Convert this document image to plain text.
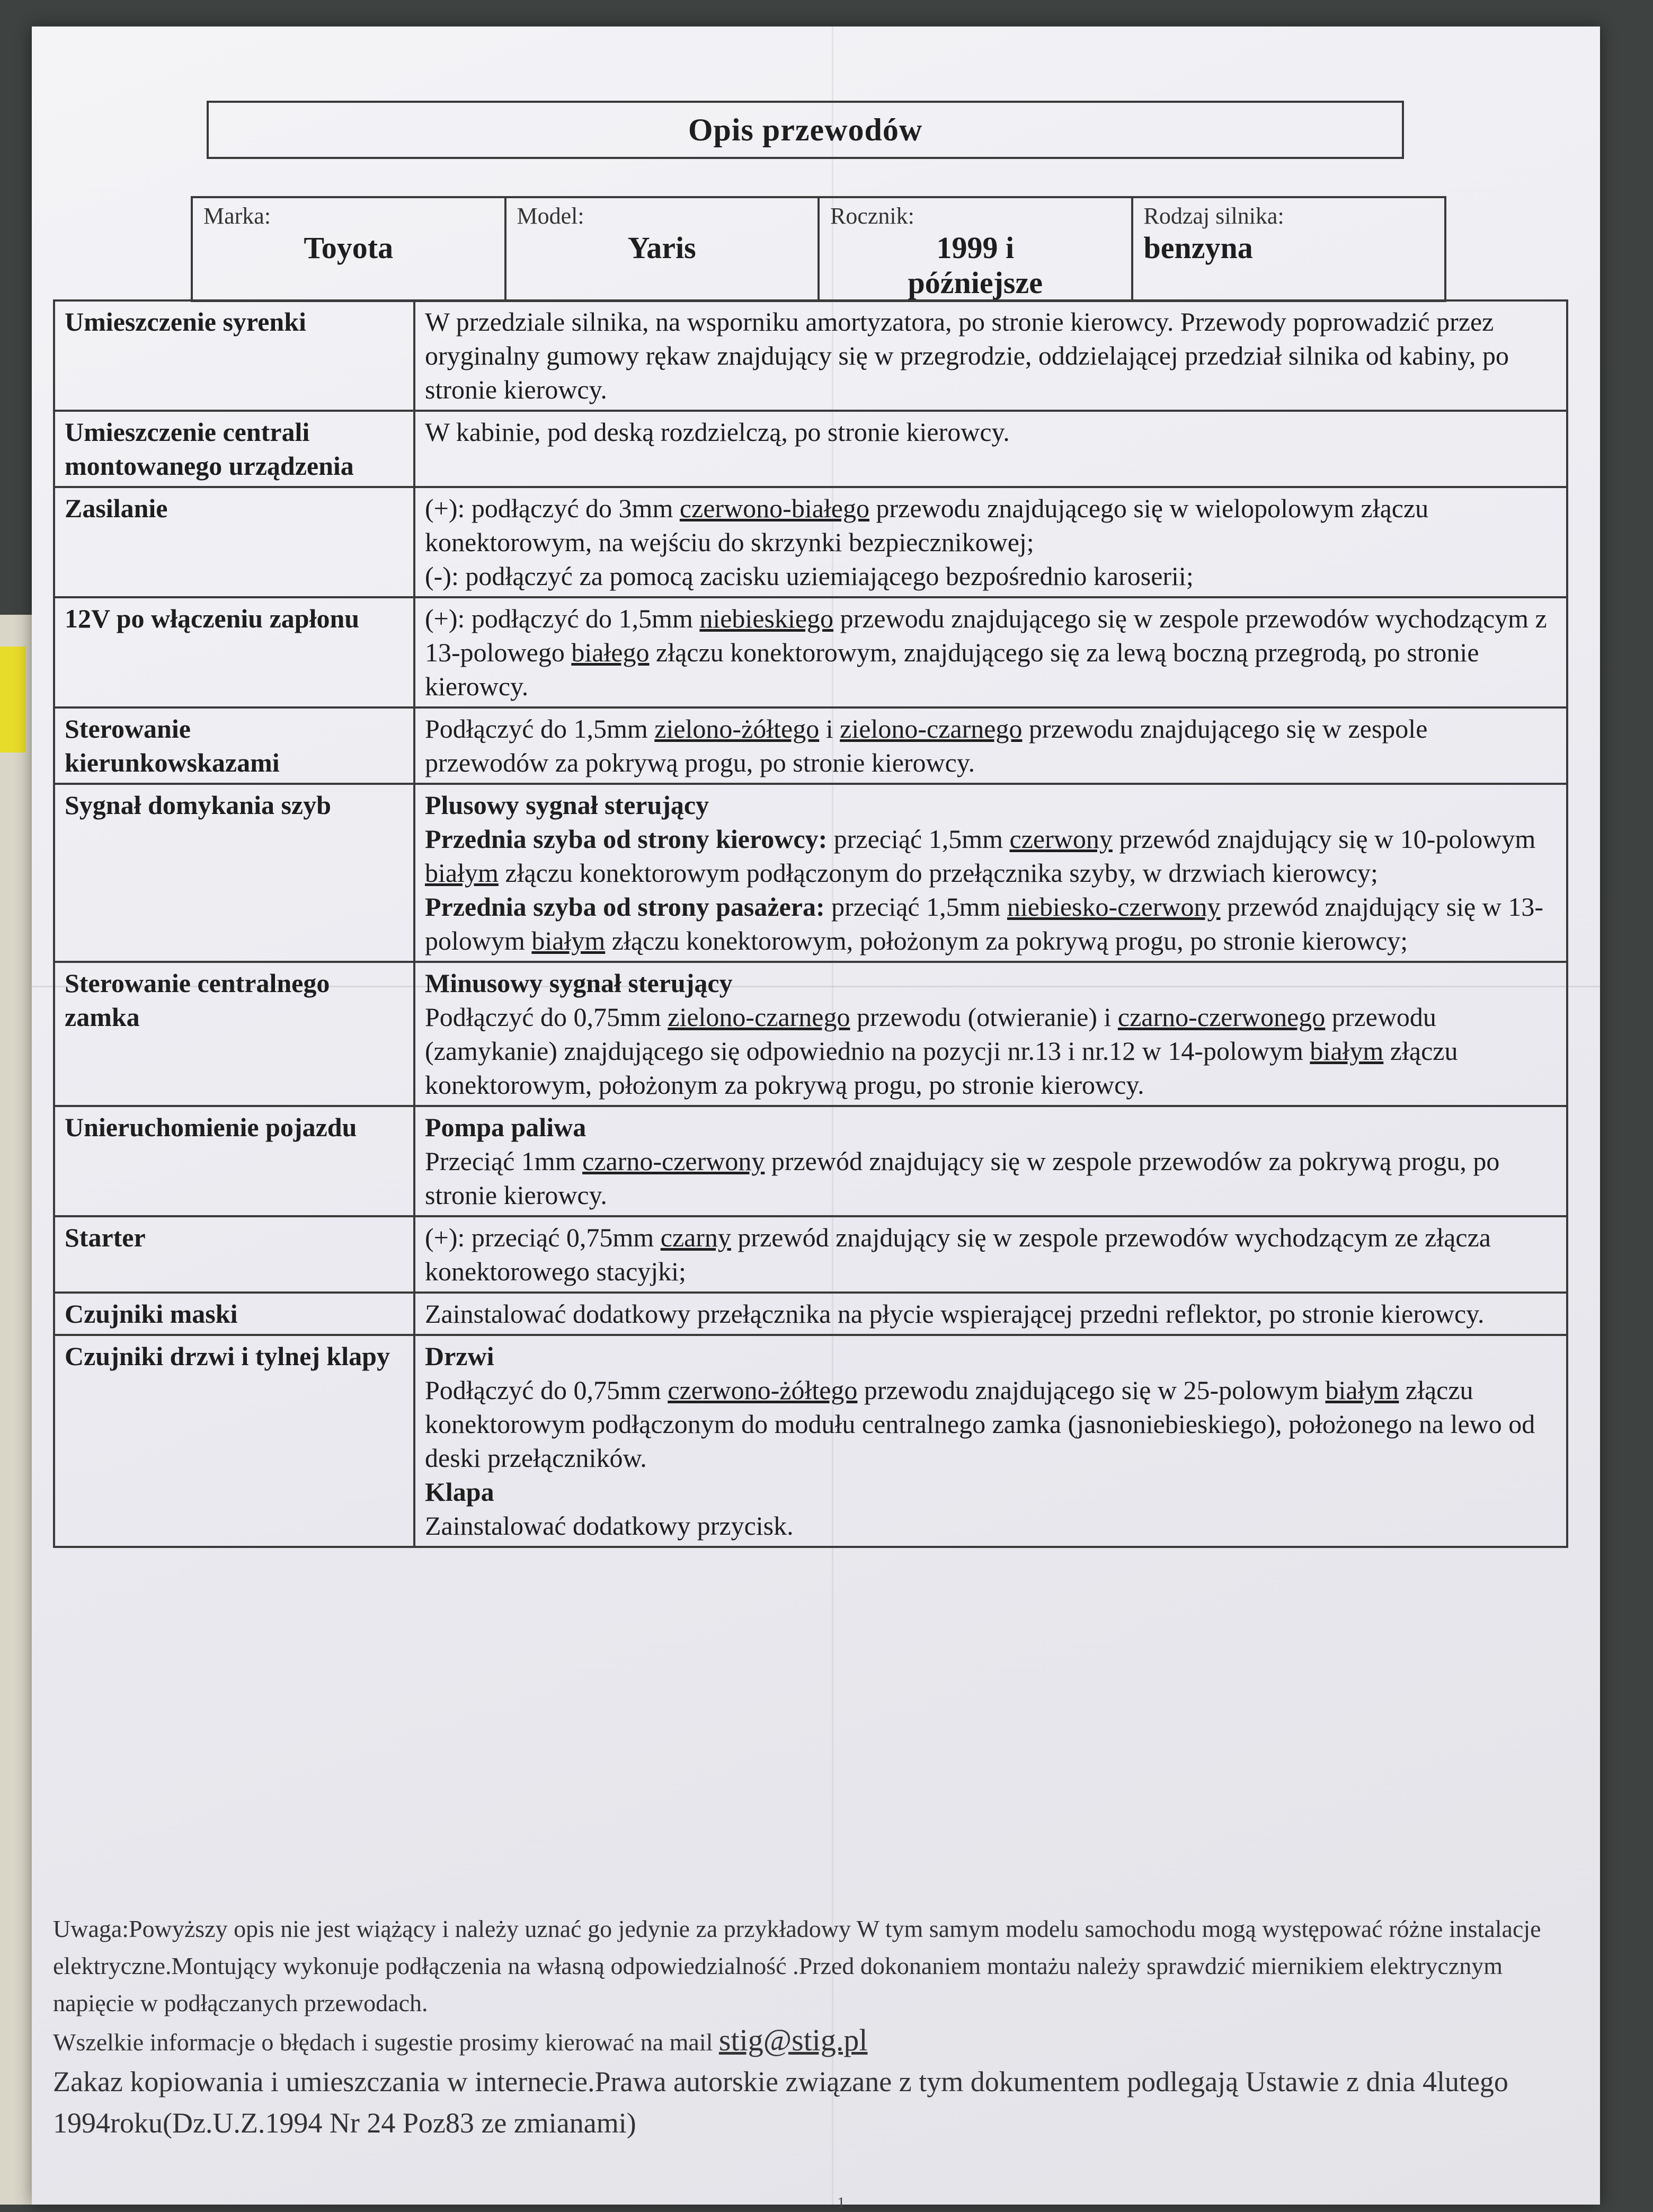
Opis przewodów
Marka:
Toyota
Model:
Yaris
Rocznik:
1999 i
późniejsze
Rodzaj silnika:
benzyna
Umieszczenie syrenki	W przedziale silnika, na wsporniku amortyzatora, po stronie kierowcy. Przewody poprowadzić przez oryginalny gumowy rękaw znajdujący się w przegrodzie, oddzielającej przedział silnika od kabiny, po stronie kierowcy.
Umieszczenie centrali montowanego urządzenia	W kabinie, pod deską rozdzielczą, po stronie kierowcy.
Zasilanie	(+): podłączyć do 3mm czerwono-białego przewodu znajdującego się w wielopolowym złączu konektorowym, na wejściu do skrzynki bezpiecznikowej;
(-): podłączyć za pomocą zacisku uziemiającego bezpośrednio karoserii;

12V po włączeniu zapłonu	(+): podłączyć do 1,5mm niebieskiego przewodu znajdującego się w zespole przewodów wychodzącym z 13-polowego białego złączu konektorowym, znajdującego się za lewą boczną przegrodą, po stronie kierowcy.
Sterowanie kierunkowskazami	Podłączyć do 1,5mm zielono-żółtego i zielono-czarnego przewodu znajdującego się w zespole przewodów za pokrywą progu, po stronie kierowcy.
Sygnał domykania szyb	Plusowy sygnał sterujący
Przednia szyba od strony kierowcy: przeciąć 1,5mm czerwony przewód znajdujący się w 10-polowym białym złączu konektorowym podłączonym do przełącznika szyby, w drzwiach kierowcy;
Przednia szyba od strony pasażera: przeciąć 1,5mm niebiesko-czerwony przewód znajdujący się w 13-polowym białym złączu konektorowym, położonym za pokrywą progu, po stronie kierowcy;

Sterowanie centralnego zamka	Minusowy sygnał sterujący
Podłączyć do 0,75mm zielono-czarnego przewodu (otwieranie) i czarno-czerwonego przewodu (zamykanie) znajdującego się odpowiednio na pozycji nr.13 i nr.12 w 14-polowym białym złączu konektorowym, położonym za pokrywą progu, po stronie kierowcy.

Unieruchomienie pojazdu	Pompa paliwa
Przeciąć 1mm czarno-czerwony przewód znajdujący się w zespole przewodów za pokrywą progu, po stronie kierowcy.

Starter	(+): przeciąć 0,75mm czarny przewód znajdujący się w zespole przewodów wychodzącym ze złącza konektorowego stacyjki;
Czujniki maski	Zainstalować dodatkowy przełącznika na płycie wspierającej przedni reflektor, po stronie kierowcy.
Czujniki drzwi i tylnej klapy	Drzwi
Podłączyć do 0,75mm czerwono-żółtego przewodu znajdującego się w 25-polowym białym złączu konektorowym podłączonym do modułu centralnego zamka (jasnoniebieskiego), położonego na lewo od deski przełączników.
Klapa
Zainstalować dodatkowy przycisk.

Uwaga:Powyższy opis nie jest wiążący i należy uznać go jedynie za przykładowy W tym samym modelu samochodu mogą występować różne instalacje elektryczne.Montujący wykonuje podłączenia na własną odpowiedzialność .Przed dokonaniem montażu należy sprawdzić miernikiem elektrycznym napięcie w podłączanych przewodach.

Wszelkie informacje o błędach i sugestie prosimy kierować na mail stig@stig.pl

Zakaz kopiowania i umieszczania w internecie.Prawa autorskie związane z tym dokumentem podlegają Ustawie z dnia 4lutego 1994roku(Dz.U.Z.1994 Nr 24 Poz83 ze zmianami)

1
